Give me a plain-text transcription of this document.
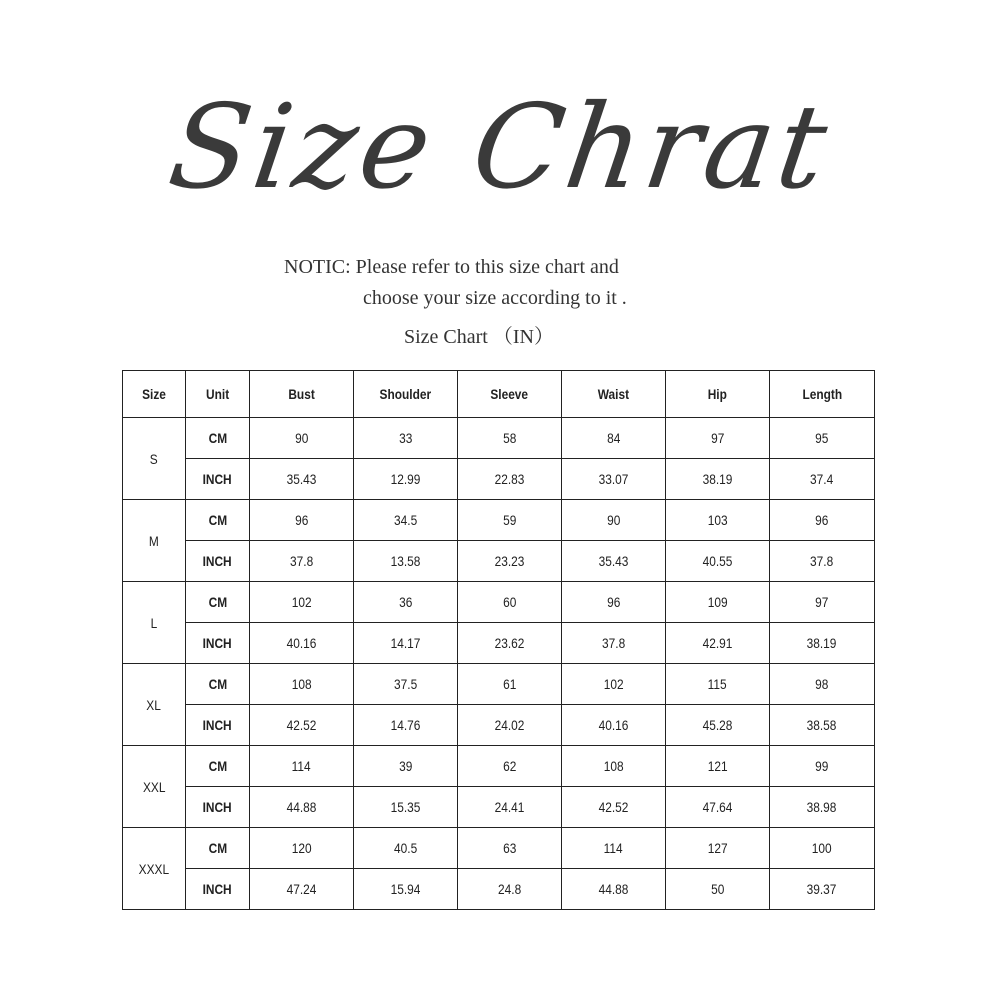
Size Chrat
NOTIC: Please refer to this size chart and
choose your size according to it .
Size Chart （IN）
Size	Unit	Bust	Shoulder	Sleeve	Waist	Hip	Length
S	CM	90	33	58	84	97	95
	INCH	35.43	12.99	22.83	33.07	38.19	37.4
M	CM	96	34.5	59	90	103	96
	INCH	37.8	13.58	23.23	35.43	40.55	37.8
L	CM	102	36	60	96	109	97
	INCH	40.16	14.17	23.62	37.8	42.91	38.19
XL	CM	108	37.5	61	102	115	98
	INCH	42.52	14.76	24.02	40.16	45.28	38.58
XXL	CM	114	39	62	108	121	99
	INCH	44.88	15.35	24.41	42.52	47.64	38.98
XXXL	CM	120	40.5	63	114	127	100
	INCH	47.24	15.94	24.8	44.88	50	39.37
